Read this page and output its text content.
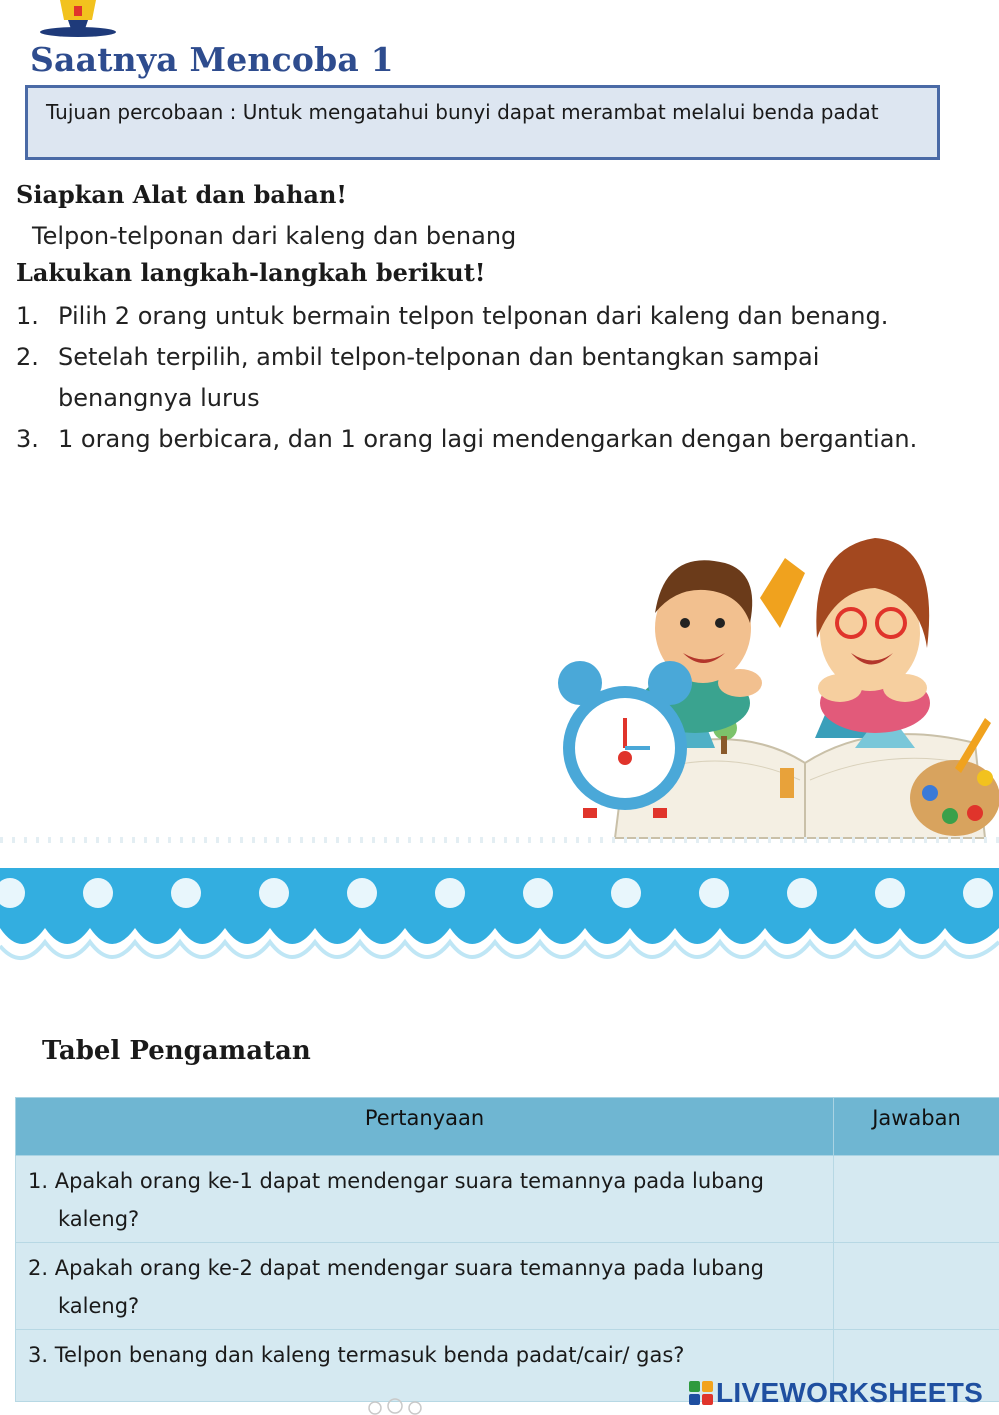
Saatnya Mencoba 1
Tujuan percobaan : Untuk mengatahui bunyi dapat merambat melalui benda padat
Siapkan Alat dan bahan!
Telpon-telponan dari kaleng dan benang
Lakukan langkah-langkah berikut!
1. Pilih 2 orang untuk bermain telpon telponan dari kaleng dan benang.
2. Setelah terpilih, ambil telpon-telponan dan bentangkan sampai benangnya lurus
3. 1 orang berbicara, dan 1 orang lagi mendengarkan dengan bergantian.
Tabel Pengamatan
Pertanyaan	Jawaban

1. Apakah orang ke-1 dapat mendengar suara temannya pada lubang kaleng?	

2. Apakah orang ke-2 dapat mendengar suara temannya pada lubang kaleng?	

3. Telpon benang dan kaleng termasuk benda padat/cair/ gas?	

LIVEWORKSHEETS
